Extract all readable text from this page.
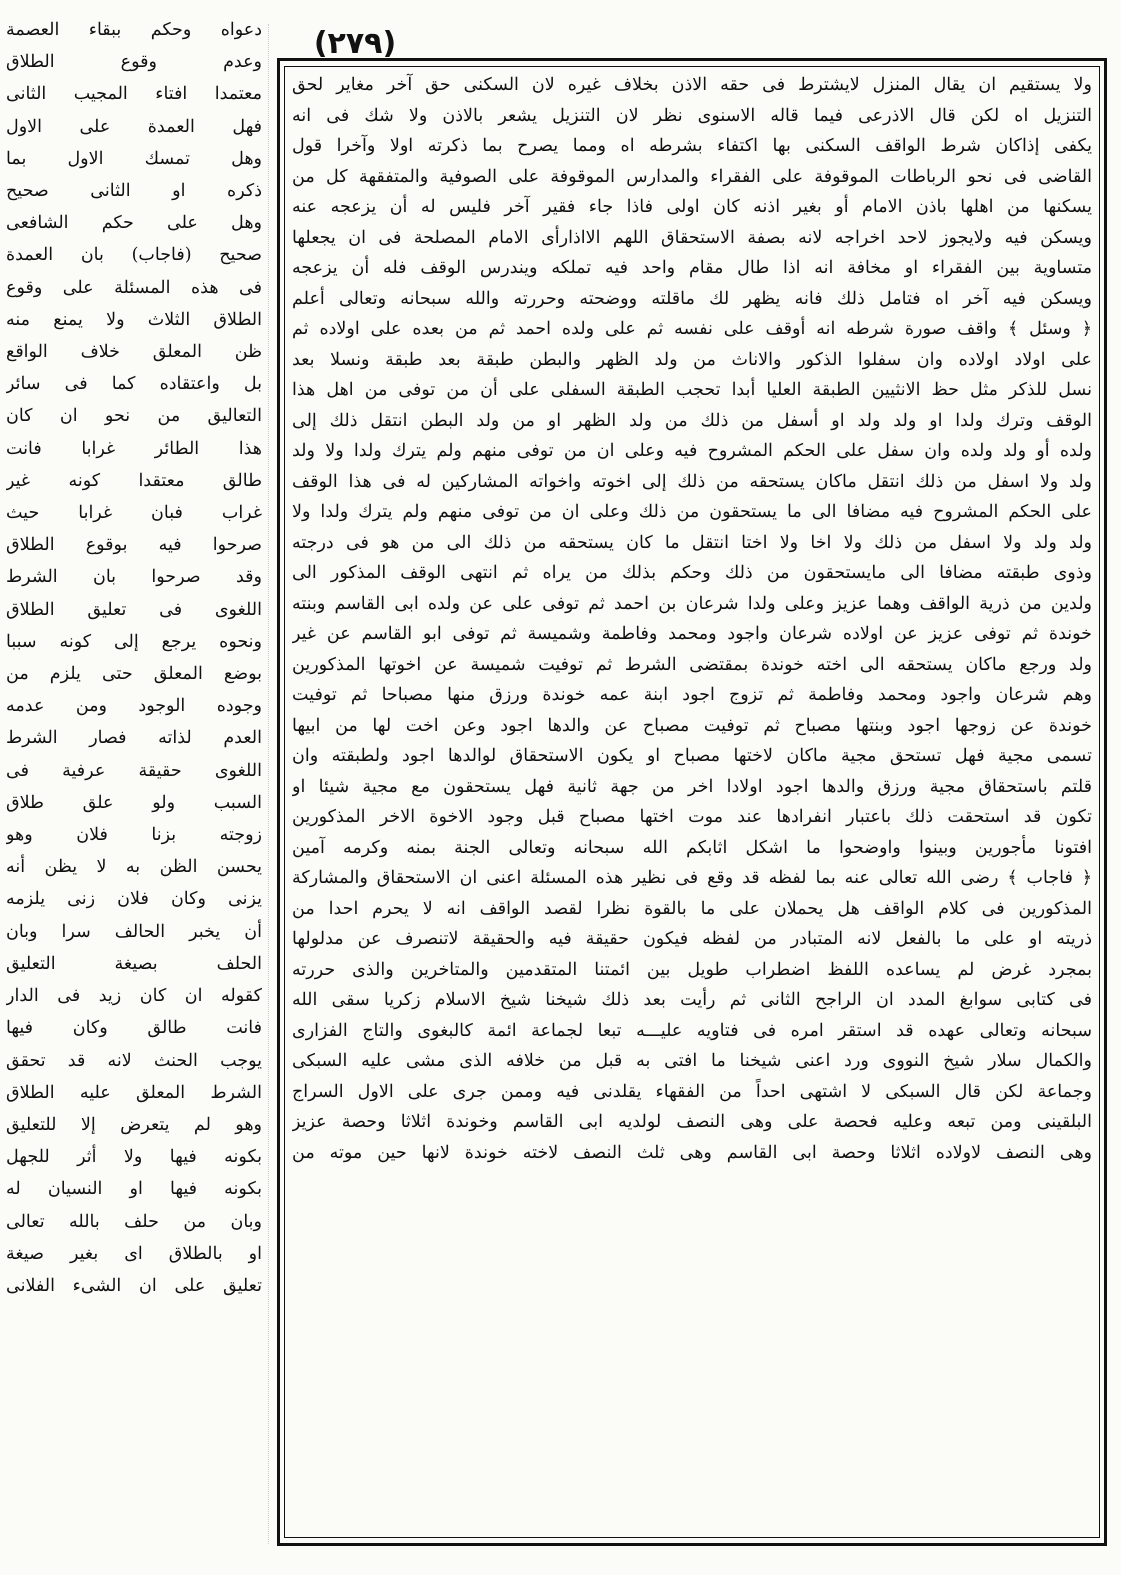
(٢٧٩)
دعواه وحكم ببقاء العصمة
وعدم وقوع الطلاق
معتمدا افتاء المجيب الثانى
فهل العمدة على الاول
وهل تمسك الاول بما
ذكره او الثانى صحيح
وهل على حكم الشافعى
صحيح (فاجاب) بان العمدة
فى هذه المسئلة على وقوع
الطلاق الثلاث ولا يمنع منه
ظن المعلق خلاف الواقع
بل واعتقاده كما فى سائر
التعاليق من نحو ان كان
هذا الطائر غرابا فانت
طالق معتقدا كونه غير
غراب فبان غرابا حيث
صرحوا فيه بوقوع الطلاق
وقد صرحوا بان الشرط
اللغوى فى تعليق الطلاق
ونحوه يرجع إلى كونه سببا
بوضع المعلق حتى يلزم من
وجوده الوجود ومن عدمه
العدم لذاته فصار الشرط
اللغوى حقيقة عرفية فى
السبب ولو علق طلاق
زوجته بزنا فلان وهو
يحسن الظن به لا يظن أنه
يزنى وكان فلان زنى يلزمه
أن يخبر الحالف سرا وبان
الحلف بصيغة التعليق
كقوله ان كان زيد فى الدار
فانت طالق وكان فيها
يوجب الحنث لانه قد تحقق
الشرط المعلق عليه الطلاق
وهو لم يتعرض إلا للتعليق
بكونه فيها ولا أثر للجهل
بكونه فيها او النسيان له
وبان من حلف بالله تعالى
او بالطلاق اى بغير صيغة
تعليق على ان الشىء الفلانى
ولا يستقيم ان يقال المنزل لايشترط فى حقه الاذن بخلاف غيره لان السكنى حق آخر مغاير لحق
التنزيل اه لكن قال الاذرعى فيما قاله الاسنوى نظر لان التنزيل يشعر بالاذن ولا شك فى انه
يكفى إذاكان شرط الواقف السكنى بها اكتفاء بشرطه اه ومما يصرح بما ذكرته اولا وآخرا قول
القاضى فى نحو الرباطات الموقوفة على الفقراء والمدارس الموقوفة على الصوفية والمتفقهة كل من
يسكنها من اهلها باذن الامام أو بغير اذنه كان اولى فاذا جاء فقير آخر فليس له أن يزعجه عنه
ويسكن فيه ولايجوز لاحد اخراجه لانه بصفة الاستحقاق اللهم الااذارأى الامام المصلحة فى ان يجعلها
متساوية بين الفقراء او مخافة انه اذا طال مقام واحد فيه تملكه ويندرس الوقف فله أن يزعجه
ويسكن فيه آخر اه فتامل ذلك فانه يظهر لك ماقلته ووضحته وحررته والله سبحانه وتعالى أعلم
﴿ وسئل ﴾ واقف صورة شرطه انه أوقف على نفسه ثم على ولده احمد ثم من بعده على اولاده ثم
على اولاد اولاده وان سفلوا الذكور والاناث من ولد الظهر والبطن طبقة بعد طبقة ونسلا بعد
نسل للذكر مثل حظ الانثيين الطبقة العليا أبدا تحجب الطبقة السفلى على أن من توفى من اهل هذا
الوقف وترك ولدا او ولد ولد او أسفل من ذلك من ولد الظهر او من ولد البطن انتقل ذلك إلى
ولده أو ولد ولده وان سفل على الحكم المشروح فيه وعلى ان من توفى منهم ولم يترك ولدا ولا ولد
ولد ولا اسفل من ذلك انتقل ماكان يستحقه من ذلك إلى اخوته واخواته المشاركين له فى هذا الوقف
على الحكم المشروح فيه مضافا الى ما يستحقون من ذلك وعلى ان من توفى منهم ولم يترك ولدا ولا
ولد ولد ولا اسفل من ذلك ولا اخا ولا اختا انتقل ما كان يستحقه من ذلك الى من هو فى درجته
وذوى طبقته مضافا الى مايستحقون من ذلك وحكم بذلك من يراه ثم انتهى الوقف المذكور الى
ولدين من ذرية الواقف وهما عزيز وعلى ولدا شرعان بن احمد ثم توفى على عن ولده ابى القاسم وبنته
خوندة ثم توفى عزيز عن اولاده شرعان واجود ومحمد وفاطمة وشميسة ثم توفى ابو القاسم عن غير
ولد ورجع ماكان يستحقه الى اخته خوندة بمقتضى الشرط ثم توفيت شميسة عن اخوتها المذكورين
وهم شرعان واجود ومحمد وفاطمة ثم تزوج اجود ابنة عمه خوندة ورزق منها مصباحا ثم توفيت
خوندة عن زوجها اجود وبنتها مصباح ثم توفيت مصباح عن والدها اجود وعن اخت لها من ابيها
تسمى مجية فهل تستحق مجية ماكان لاختها مصباح او يكون الاستحقاق لوالدها اجود ولطبقته وان
قلتم باستحقاق مجية ورزق والدها اجود اولادا اخر من جهة ثانية فهل يستحقون مع مجية شيئا او
تكون قد استحقت ذلك باعتبار انفرادها عند موت اختها مصباح قبل وجود الاخوة الاخر المذكورين
افتونا مأجورين وبينوا واوضحوا ما اشكل اثابكم الله سبحانه وتعالى الجنة بمنه وكرمه آمين
﴿ فاجاب ﴾ رضى الله تعالى عنه بما لفظه قد وقع فى نظير هذه المسئلة اعنى ان الاستحقاق والمشاركة
المذكورين فى كلام الواقف هل يحملان على ما بالقوة نظرا لقصد الواقف انه لا يحرم احدا من
ذريته او على ما بالفعل لانه المتبادر من لفظه فيكون حقيقة فيه والحقيقة لاتنصرف عن مدلولها
بمجرد غرض لم يساعده اللفظ اضطراب طويل بين ائمتنا المتقدمين والمتاخرين والذى حررته
فى كتابى سوابغ المدد ان الراجح الثانى ثم رأيت بعد ذلك شيخنا شيخ الاسلام زكريا سقى الله
سبحانه وتعالى عهده قد استقر امره فى فتاويه عليـــه تبعا لجماعة ائمة كالبغوى والتاج الفزارى
والكمال سلار شيخ النووى ورد اعنى شيخنا ما افتى به قبل من خلافه الذى مشى عليه السبكى
وجماعة لكن قال السبكى لا اشتهى احداً من الفقهاء يقلدنى فيه وممن جرى على الاول السراج
البلقينى ومن تبعه وعليه فحصة على وهى النصف لولديه ابى القاسم وخوندة اثلاثا وحصة عزيز
وهى النصف لاولاده اثلاثا وحصة ابى القاسم وهى ثلث النصف لاخته خوندة لانها حين موته من
